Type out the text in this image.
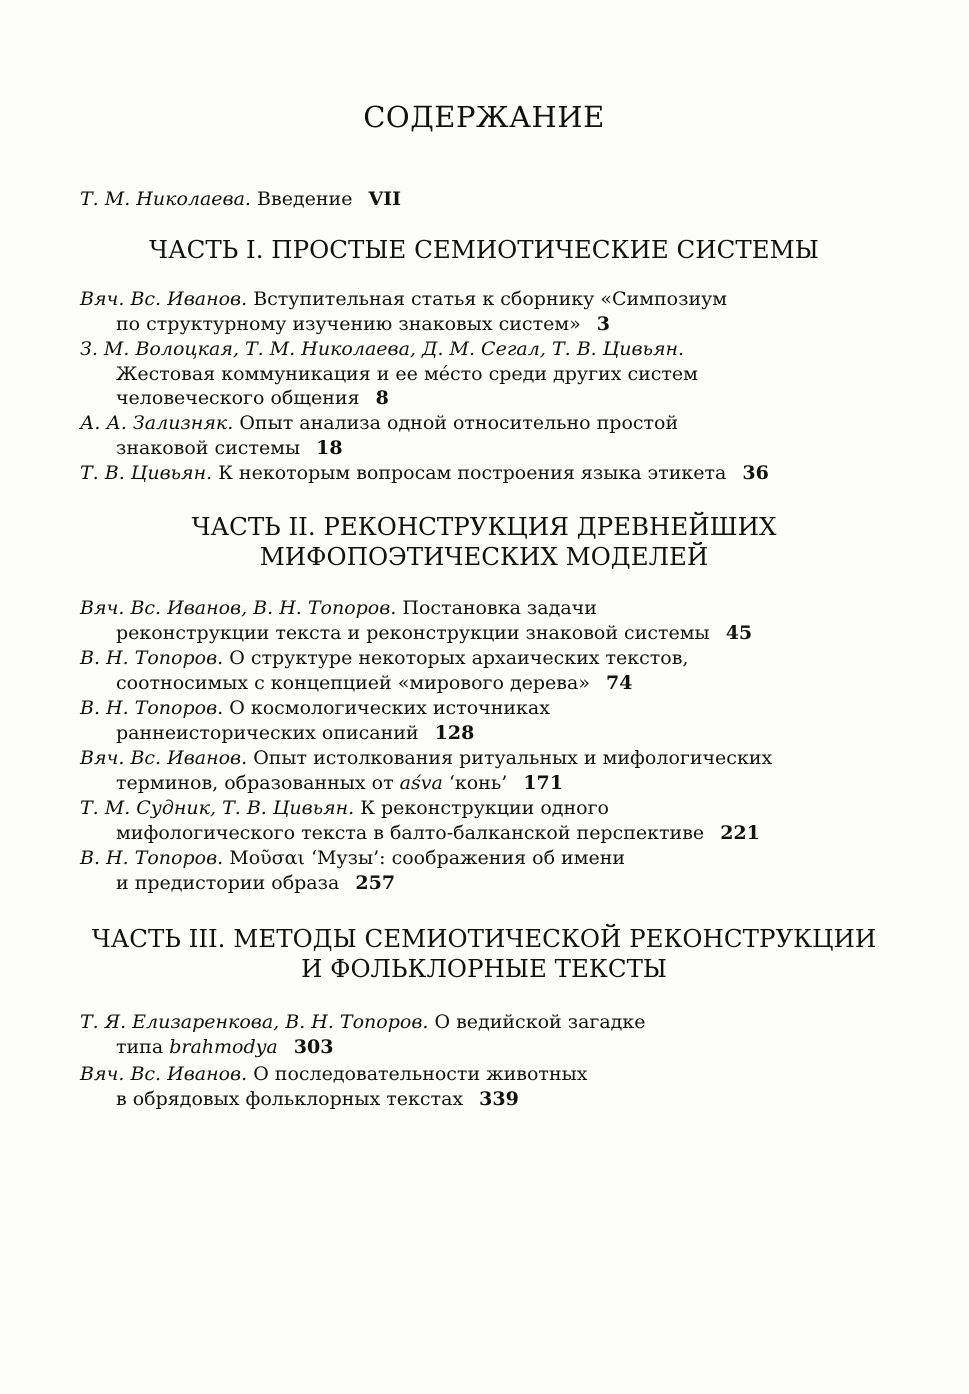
СОДЕРЖАНИЕ
Т. М. Николаева. Введение VII
ЧАСТЬ I. ПРОСТЫЕ СЕМИОТИЧЕСКИЕ СИСТЕМЫ
Вяч. Вс. Иванов. Вступительная статья к сборнику «Симпозиум
по структурному изучению знаковых систем» 3
З. М. Волоцкая, Т. М. Николаева, Д. М. Сегал, Т. В. Цивьян.
Жестовая коммуникация и ее мéсто среди других систем
человеческого общения 8
А. А. Зализняк. Опыт анализа одной относительно простой
знаковой системы 18
Т. В. Цивьян. К некоторым вопросам построения языка этикета 36
ЧАСТЬ II. РЕКОНСТРУКЦИЯ ДРЕВНЕЙШИХ
МИФОПОЭТИЧЕСКИХ МОДЕЛЕЙ
Вяч. Вс. Иванов, В. Н. Топоров. Постановка задачи
реконструкции текста и реконструкции знаковой системы 45
В. Н. Топоров. О структуре некоторых архаических текстов,
соотносимых с концепцией «мирового дерева» 74
В. Н. Топоров. О космологических источниках
раннеисторических описаний 128
Вяч. Вс. Иванов. Опыт истолкования ритуальных и мифологических
терминов, образованных от aśva ‘конь’ 171
Т. М. Судник, Т. В. Цивьян. К реконструкции одного
мифологического текста в балто-балканской перспективе 221
В. Н. Топоров. Μοῦσαι ‘Музы’: соображения об имени
и предистории образа 257
ЧАСТЬ III. МЕТОДЫ СЕМИОТИЧЕСКОЙ РЕКОНСТРУКЦИИ
И ФОЛЬКЛОРНЫЕ ТЕКСТЫ
Т. Я. Елизаренкова, В. Н. Топоров. О ведийской загадке
типа brahmodya 303
Вяч. Вс. Иванов. О последовательности животных
в обрядовых фольклорных текстах 339
